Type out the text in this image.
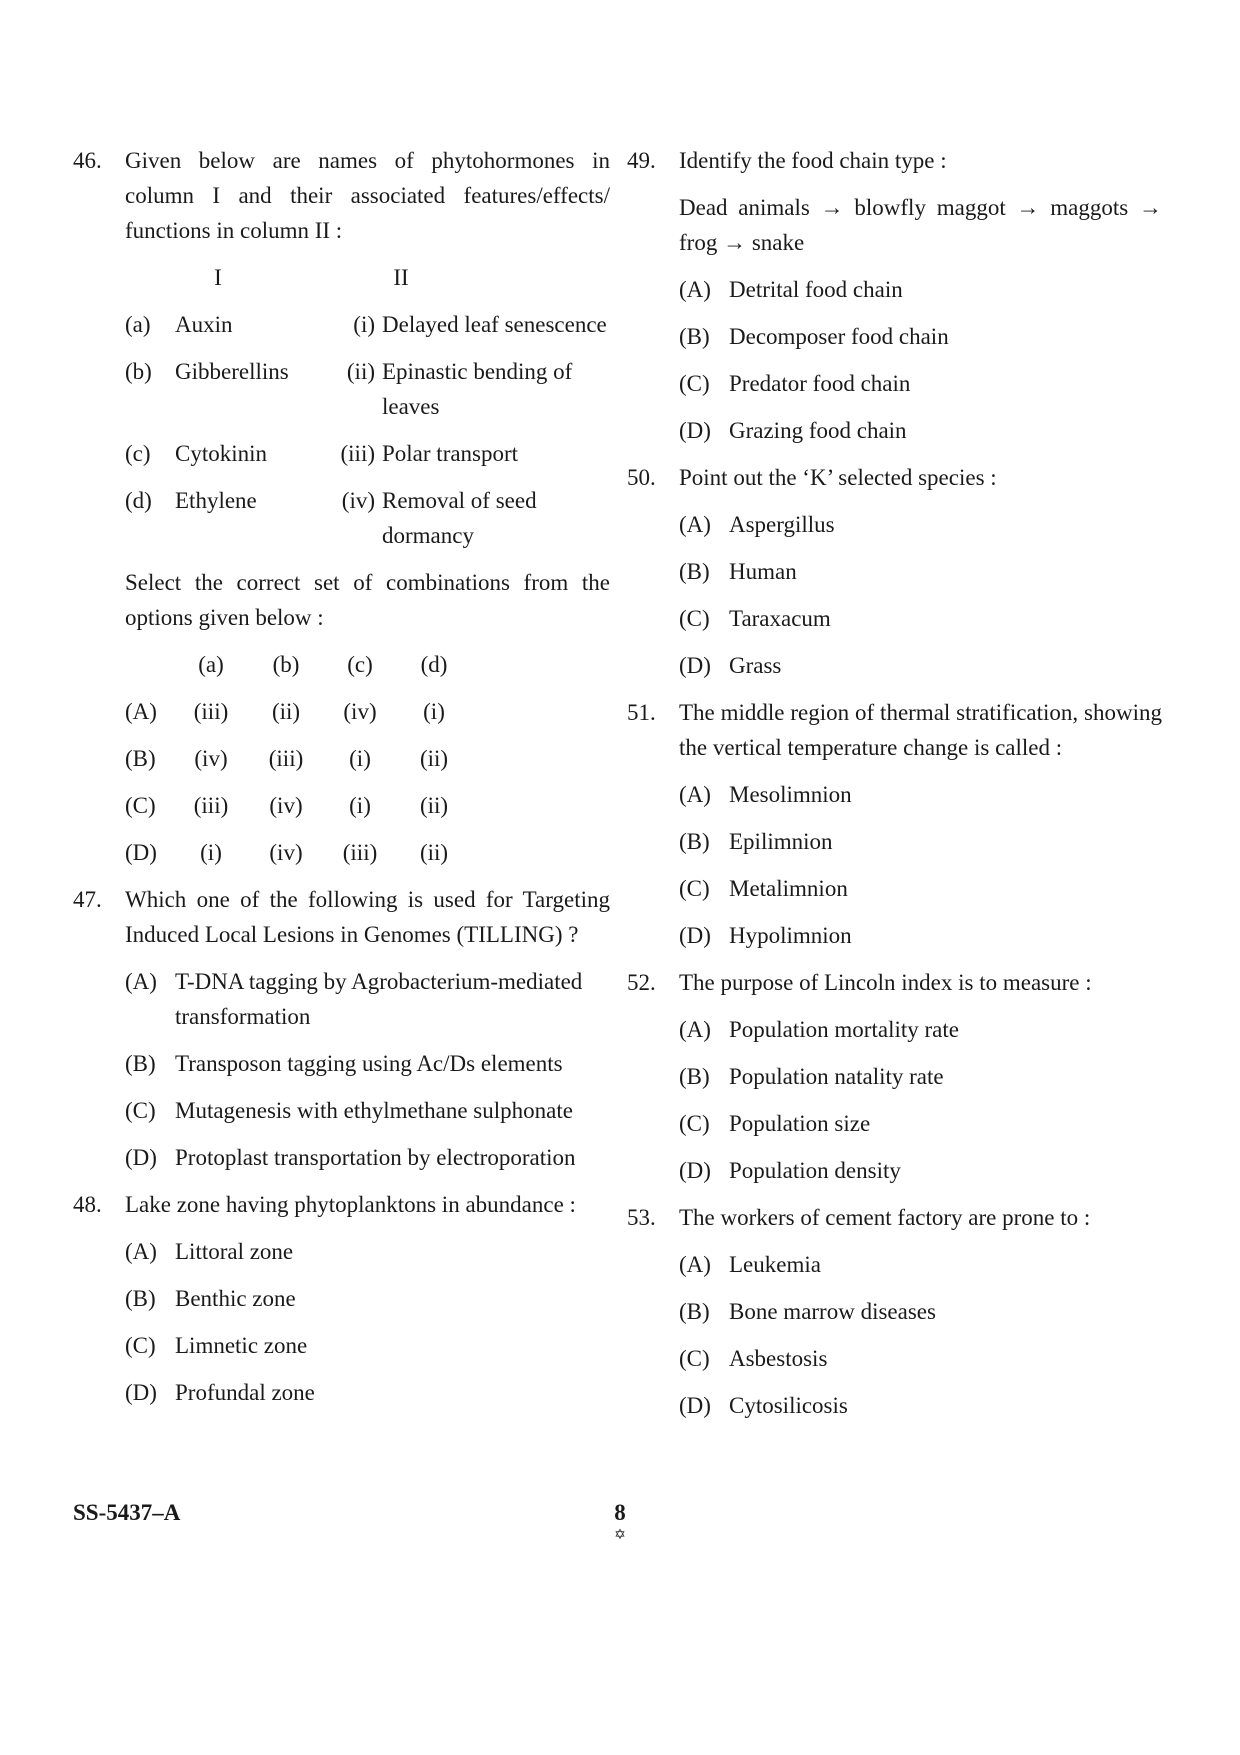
46. Given below are names of phytohormones in column I and their associated features/effects/ functions in column II :
I	II
(a) Auxin	(i) Delayed leaf senescence
(b) Gibberellins	(ii) Epinastic bending of leaves
(c) Cytokinin	(iii) Polar transport
(d) Ethylene	(iv) Removal of seed dormancy
Select the correct set of combinations from the options given below :
(a)	(b)	(c)	(d)
(A)	(iii)	(ii)	(iv)	(i)
(B)	(iv)	(iii)	(i)	(ii)
(C)	(iii)	(iv)	(i)	(ii)
(D)	(i)	(iv)	(iii)	(ii)
47. Which one of the following is used for Targeting Induced Local Lesions in Genomes (TILLING) ?
(A) T-DNA tagging by Agrobacterium-mediated transformation
(B) Transposon tagging using Ac/Ds elements
(C) Mutagenesis with ethylmethane sulphonate
(D) Protoplast transportation by electroporation
48. Lake zone having phytoplanktons in abundance :
(A) Littoral zone
(B) Benthic zone
(C) Limnetic zone
(D) Profundal zone
49. Identify the food chain type :
Dead animals → blowfly maggot → maggots → frog → snake
(A) Detrital food chain
(B) Decomposer food chain
(C) Predator food chain
(D) Grazing food chain
50. Point out the ‘K’ selected species :
(A) Aspergillus
(B) Human
(C) Taraxacum
(D) Grass
51. The middle region of thermal stratification, showing the vertical temperature change is called :
(A) Mesolimnion
(B) Epilimnion
(C) Metalimnion
(D) Hypolimnion
52. The purpose of Lincoln index is to measure :
(A) Population mortality rate
(B) Population natality rate
(C) Population size
(D) Population density
53. The workers of cement factory are prone to :
(A) Leukemia
(B) Bone marrow diseases
(C) Asbestosis
(D) Cytosilicosis
SS-5437–A	8
✡
